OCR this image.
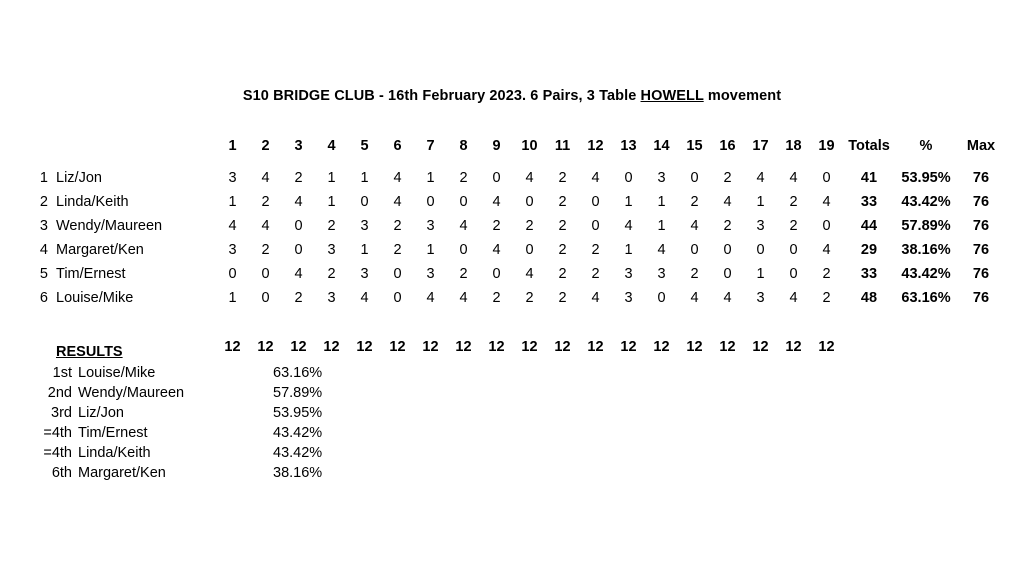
S10 BRIDGE CLUB - 16th February 2023. 6 Pairs, 3 Table HOWELL movement
		1	2	3	4	5	6	7	8	9	10	11	12	13	14	15	16	17	18	19	Totals	%	Max
1	Liz/Jon	3	4	2	1	1	4	1	2	0	4	2	4	0	3	0	2	4	4	0	41	53.95%	76
2	Linda/Keith	1	2	4	1	0	4	0	0	4	0	2	0	1	1	2	4	1	2	4	33	43.42%	76
3	Wendy/Maureen	4	4	0	2	3	2	3	4	2	2	2	0	4	1	4	2	3	2	0	44	57.89%	76
4	Margaret/Ken	3	2	0	3	1	2	1	0	4	0	2	2	1	4	0	0	0	0	4	29	38.16%	76
5	Tim/Ernest	0	0	4	2	3	0	3	2	0	4	2	2	3	3	2	0	1	0	2	33	43.42%	76
6	Louise/Mike	1	0	2	3	4	0	4	4	2	2	2	4	3	0	4	4	3	4	2	48	63.16%	76

		12	12	12	12	12	12	12	12	12	12	12	12	12	12	12	12	12	12	12			
RESULTS
1st	Louise/Mike	63.16%
2nd	Wendy/Maureen	57.89%
3rd	Liz/Jon	53.95%
=4th	Tim/Ernest	43.42%
=4th	Linda/Keith	43.42%
6th	Margaret/Ken	38.16%
